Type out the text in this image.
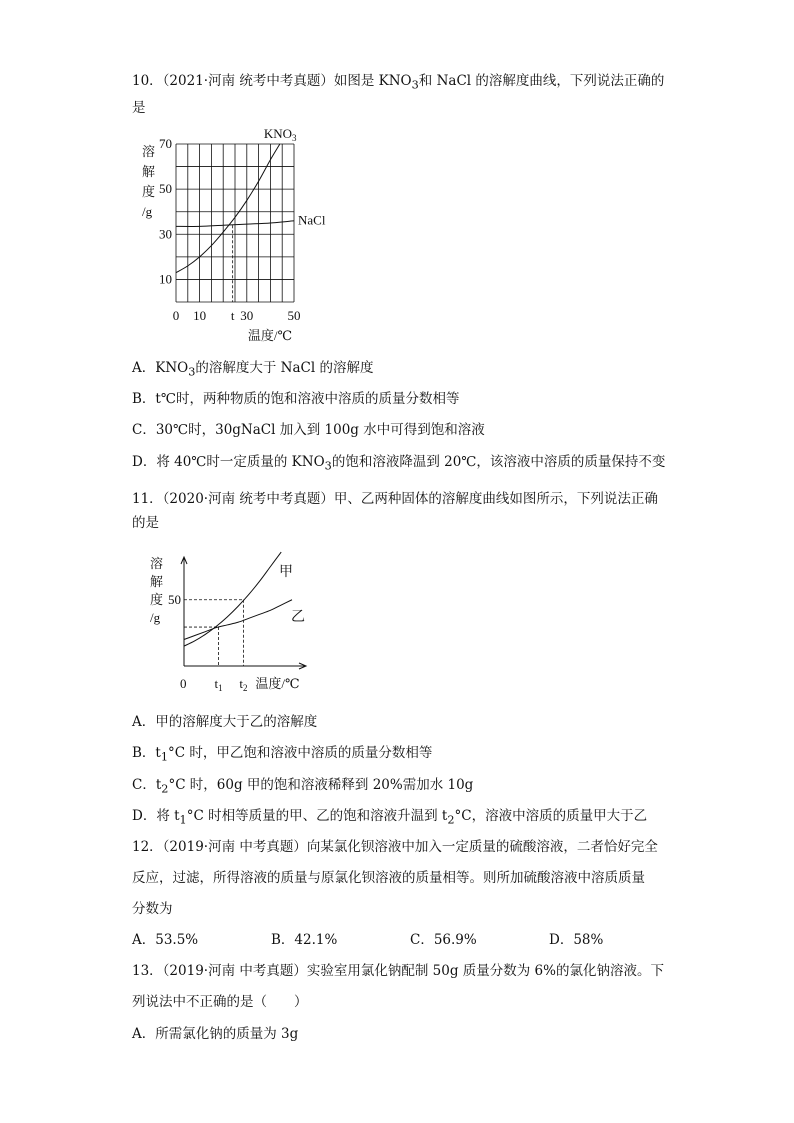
10．（2021·河南 统考中考真题）如图是 $KNO_3$和 NaCl 的溶解度曲线，下列说法正确的
是
溶
解
度
/g
10
30
50
70
0 10	30	50
t
温度/℃
$KNO_3$
NaCl
A．$KNO_3$的溶解度大于 NaCl 的溶解度
B．t℃时，两种物质的饱和溶液中溶质的质量分数相等
C．30℃时，30gNaCl 加入到 100g 水中可得到饱和溶液
D．将 40℃时一定质量的 $KNO_3$的饱和溶液降温到 20℃，该溶液中溶质的质量保持不变
11．（2020·河南 统考中考真题）甲、乙两种固体的溶解度曲线如图所示，下列说法正确
的是
溶
解
度
/g
50
0 $t_1$ $t_2$ 温度/℃
甲
乙
A．甲的溶解度大于乙的溶解度
B．$t_1^\circ C$ 时，甲乙饱和溶液中溶质的质量分数相等
C．$t_2^\circ C$ 时，60g 甲的饱和溶液稀释到 20%需加水 10g
D．将 $t_1^\circ C$ 时相等质量的甲、乙的饱和溶液升温到 $t_2^\circ C$，溶液中溶质的质量甲大于乙
12．（2019·河南 中考真题）向某氯化钡溶液中加入一定质量的硫酸溶液，二者恰好完全
反应，过滤，所得溶液的质量与原氯化钡溶液的质量相等。则所加硫酸溶液中溶质质量
分数为
A．53.5%	B．42.1%	C．56.9%	D．58%
13．（2019·河南 中考真题）实验室用氯化钠配制 50g 质量分数为 6%的氯化钠溶液。下
列说法中不正确的是（　　）
A．所需氯化钠的质量为 3g
